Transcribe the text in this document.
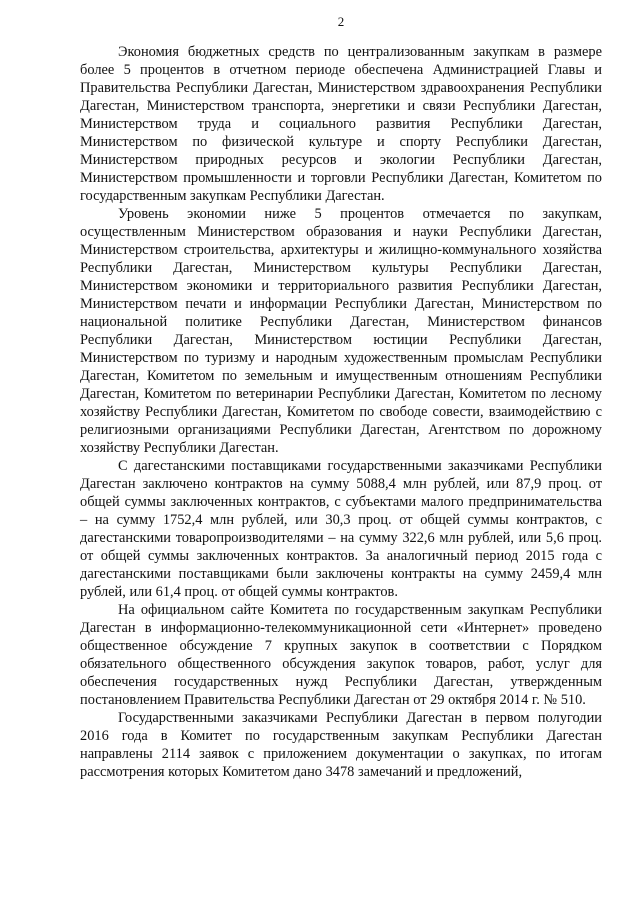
2

Экономия бюджетных средств по централизованным закупкам в размере более 5 процентов в отчетном периоде обеспечена Администрацией Главы и Правительства Республики Дагестан, Министерством здравоохранения Республики Дагестан, Министерством транспорта, энергетики и связи Республики Дагестан, Министерством труда и социального развития Республики Дагестан, Министерством по физической культуре и спорту Республики Дагестан, Министерством природных ресурсов и экологии Республики Дагестан, Министерством промышленности и торговли Республики Дагестан, Комитетом по государственным закупкам Республики Дагестан.

Уровень экономии ниже 5 процентов отмечается по закупкам, осуществленным Министерством образования и науки Республики Дагестан, Министерством строительства, архитектуры и жилищно-коммунального хозяйства Республики Дагестан, Министерством культуры Республики Дагестан, Министерством экономики и территориального развития Республики Дагестан, Министерством печати и информации Республики Дагестан, Министерством по национальной политике Республики Дагестан, Министерством финансов Республики Дагестан, Министерством юстиции Республики Дагестан, Министерством по туризму и народным художественным промыслам Республики Дагестан, Комитетом по земельным и имущественным отношениям Республики Дагестан, Комитетом по ветеринарии Республики Дагестан, Комитетом по лесному хозяйству Республики Дагестан, Комитетом по свободе совести, взаимодействию с религиозными организациями Республики Дагестан, Агентством по дорожному хозяйству Республики Дагестан.

С дагестанскими поставщиками государственными заказчиками Республики Дагестан заключено контрактов на сумму 5088,4 млн рублей, или 87,9 проц. от общей суммы заключенных контрактов, с субъектами малого предпринимательства – на сумму 1752,4 млн рублей, или 30,3 проц. от общей суммы контрактов, с дагестанскими товаропроизводителями – на сумму 322,6 млн рублей, или 5,6 проц. от общей суммы заключенных контрактов. За аналогичный период 2015 года с дагестанскими поставщиками были заключены контракты на сумму 2459,4 млн рублей, или 61,4 проц. от общей суммы контрактов.

На официальном сайте Комитета по государственным закупкам Республики Дагестан в информационно-телекоммуникационной сети «Интернет» проведено общественное обсуждение 7 крупных закупок в соответствии с Порядком обязательного общественного обсуждения закупок товаров, работ, услуг для обеспечения государственных нужд Республики Дагестан, утвержденным постановлением Правительства Республики Дагестан от 29 октября 2014 г. № 510.

Государственными заказчиками Республики Дагестан в первом полугодии 2016 года в Комитет по государственным закупкам Республики Дагестан направлены 2114 заявок с приложением документации о закупках, по итогам рассмотрения которых Комитетом дано 3478 замечаний и предложений,
